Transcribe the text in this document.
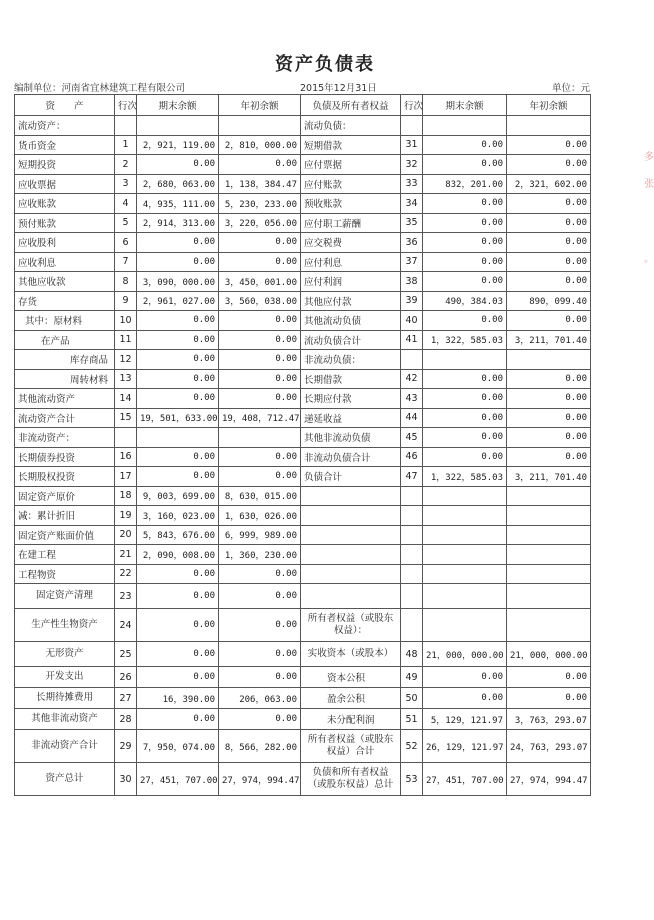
资产负债表
编制单位：河南省宜林建筑工程有限公司	2015年12月31日	单位：元
多
张
。
资　　产	行次	期末余额	年初余额	负债及所有者权益	行次	期末余额	年初余额
流动资产：				流动负债：			
货币资金	1	2，921，119.00	2，810，000.00	短期借款	31	0.00	0.00
短期投资	2	0.00	0.00	应付票据	32	0.00	0.00
应收票据	3	2，680，063.00	1，138，384.47	应付账款	33	832，201.00	2，321，602.00
应收账款	4	4，935，111.00	5，230，233.00	预收账款	34	0.00	0.00
预付账款	5	2，914，313.00	3，220，056.00	应付职工薪酬	35	0.00	0.00
应收股利	6	0.00	0.00	应交税费	36	0.00	0.00
应收利息	7	0.00	0.00	应付利息	37	0.00	0.00
其他应收款	8	3，090，000.00	3，450，001.00	应付利润	38	0.00	0.00
存货	9	2，961，027.00	3，560，038.00	其他应付款	39	490，384.03	890，099.40
其中：原材料	10	0.00	0.00	其他流动负债	40	0.00	0.00
在产品	11	0.00	0.00	流动负债合计	41	1，322，585.03	3，211，701.40
库存商品	12	0.00	0.00	非流动负债：			
周转材料	13	0.00	0.00	长期借款	42	0.00	0.00
其他流动资产	14	0.00	0.00	长期应付款	43	0.00	0.00
流动资产合计	15	19，501，633.00	19，408，712.47	递延收益	44	0.00	0.00
非流动资产：				其他非流动负债	45	0.00	0.00
长期债券投资	16	0.00	0.00	非流动负债合计	46	0.00	0.00
长期股权投资	17	0.00	0.00	负债合计	47	1，322，585.03	3，211，701.40
固定资产原价	18	9，003，699.00	8，630，015.00				
减：累计折旧	19	3，160，023.00	1，630，026.00				
固定资产账面价值	20	5，843，676.00	6，999，989.00				
在建工程	21	2，090，008.00	1，360，230.00				
工程物资	22	0.00	0.00				
固定资产清理	23	0.00	0.00				
生产性生物资产	24	0.00	0.00	所有者权益（或股东权益）：			
无形资产	25	0.00	0.00	实收资本（或股本）	48	21，000，000.00	21，000，000.00
开发支出	26	0.00	0.00	资本公积	49	0.00	0.00
长期待摊费用	27	16，390.00	206，063.00	盈余公积	50	0.00	0.00
其他非流动资产	28	0.00	0.00	未分配利润	51	5，129，121.97	3，763，293.07
非流动资产合计	29	7，950，074.00	8，566，282.00	所有者权益（或股东权益）合计	52	26，129，121.97	24，763，293.07
资产总计	30	27，451，707.00	27，974，994.47	负债和所有者权益（或股东权益）总计	53	27，451，707.00	27，974，994.47
